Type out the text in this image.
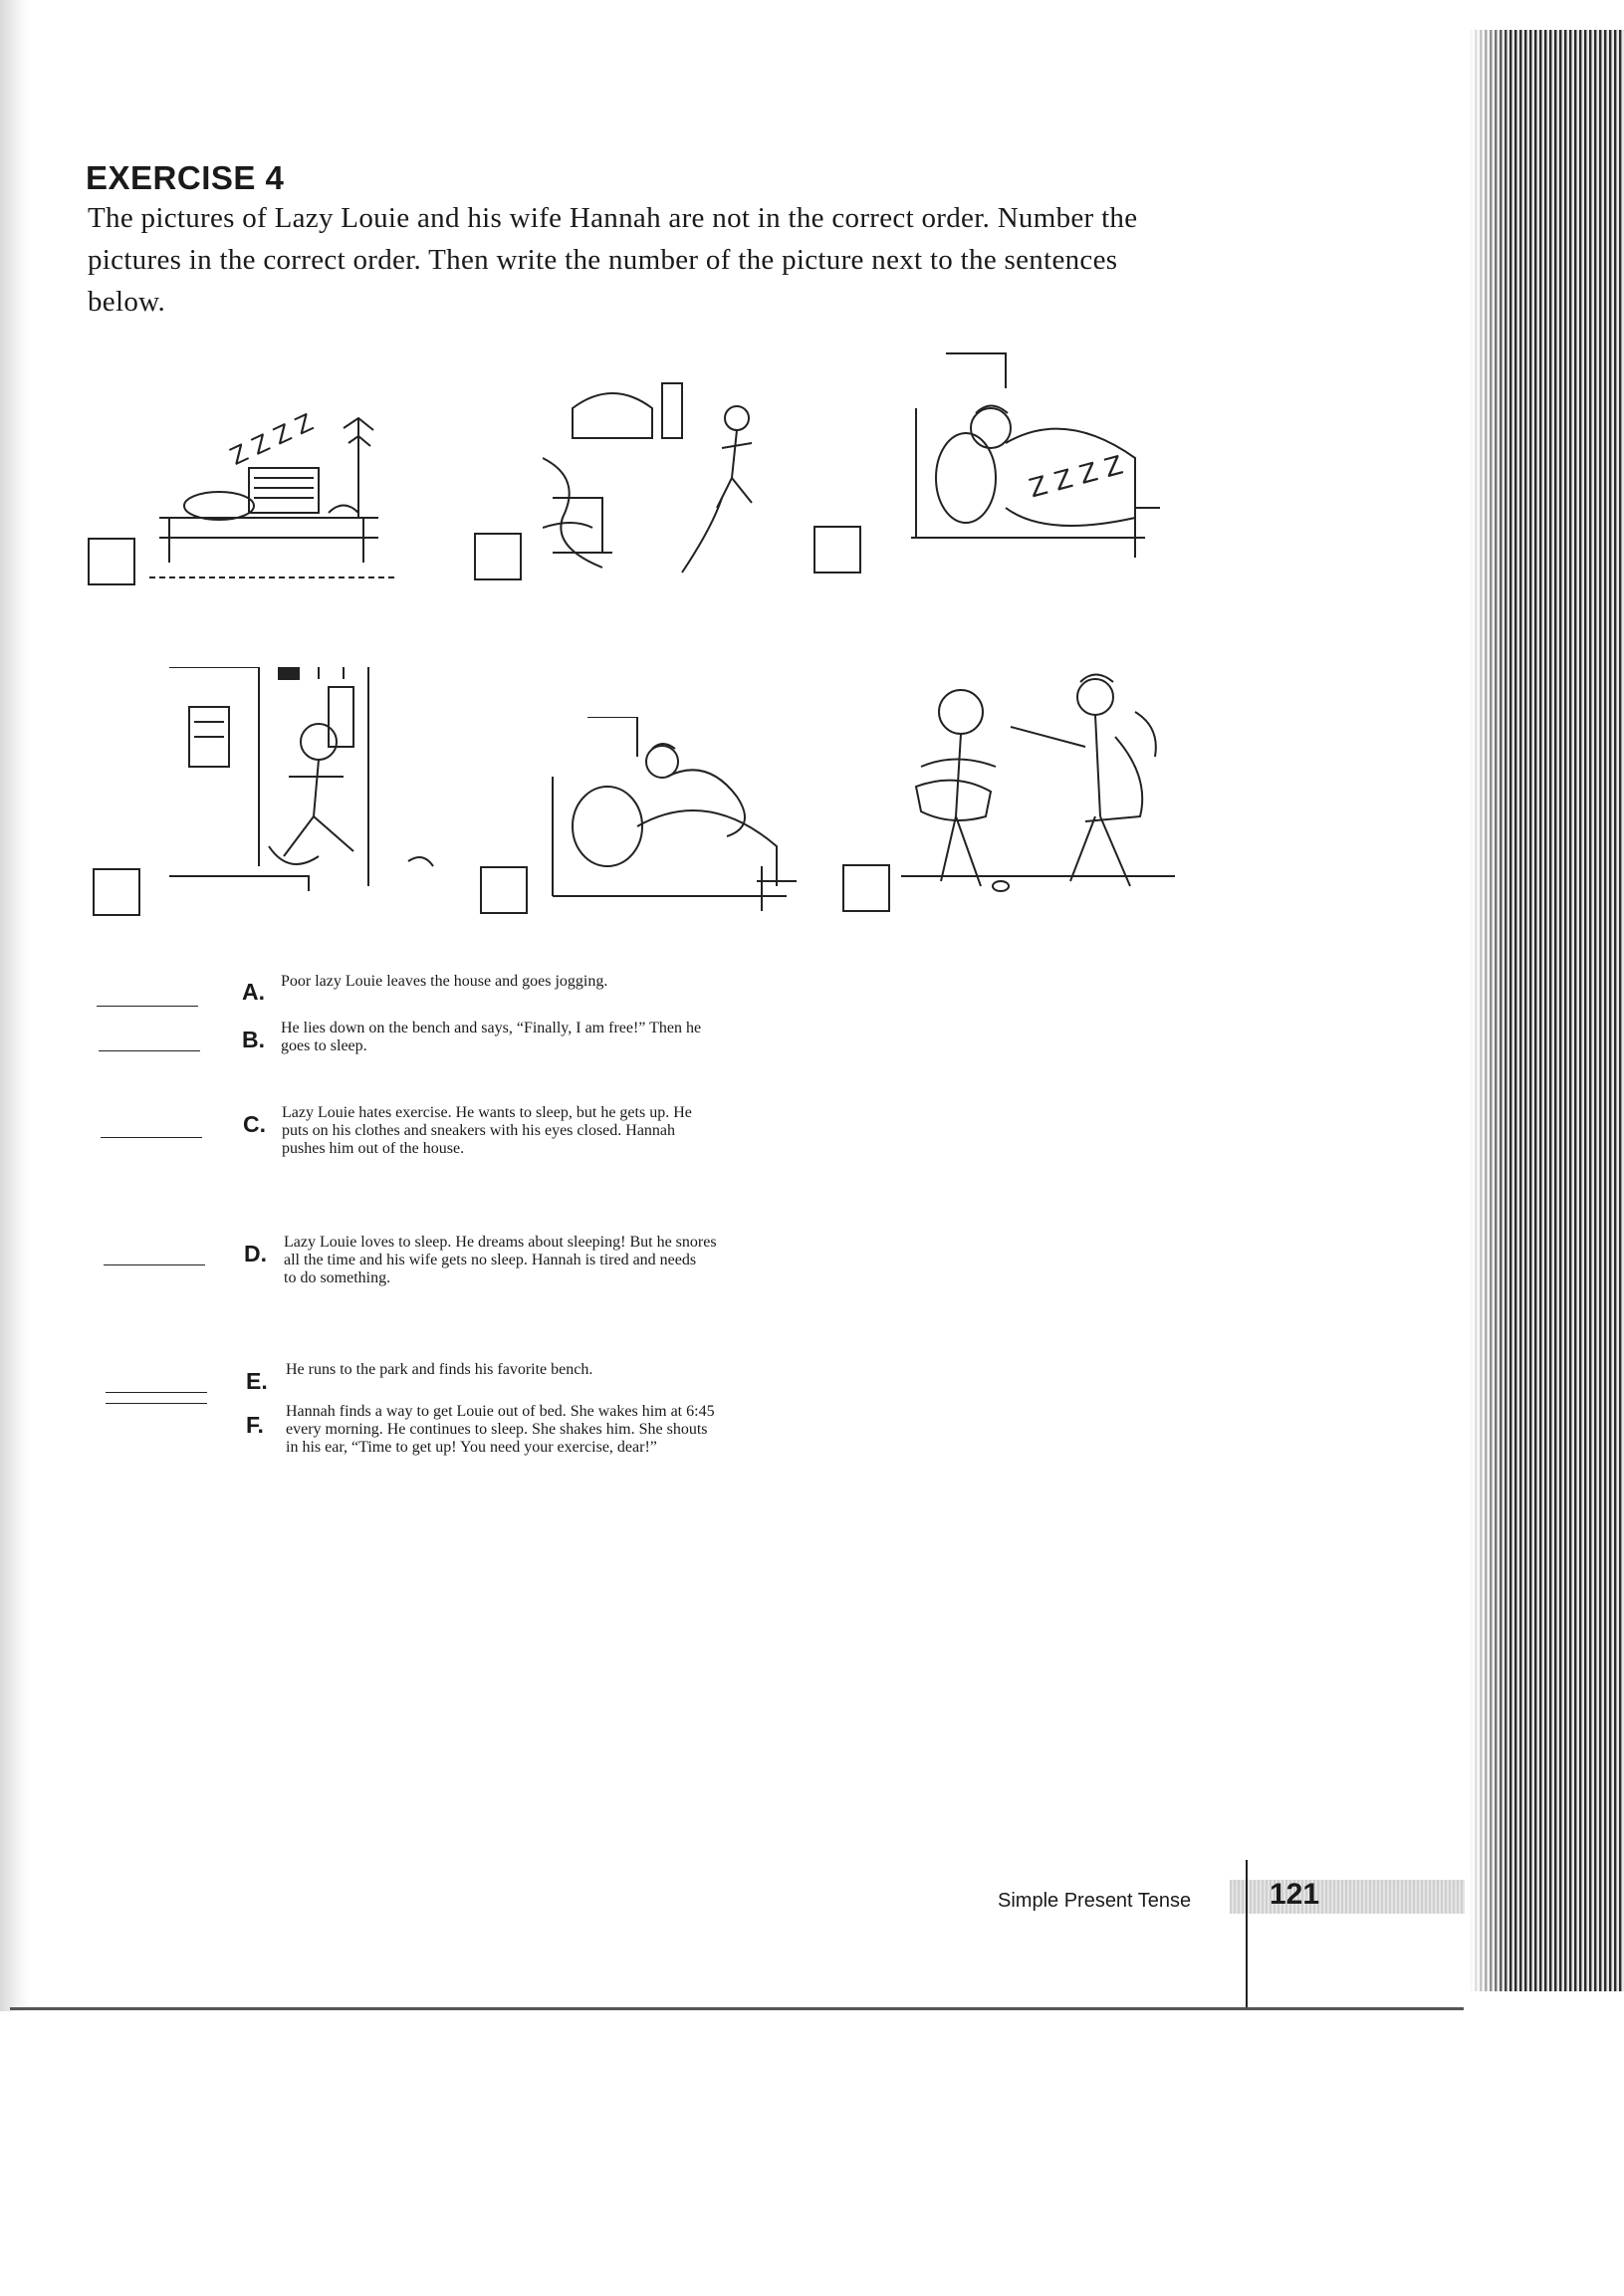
EXERCISE 4

The pictures of Lazy Louie and his wife Hannah are not in the correct order. Number the pictures in the correct order. Then write the number of the picture next to the sentences below.

Z Z Z Z
Z Z Z Z
A. Poor lazy Louie leaves the house and goes jogging.
B. He lies down on the bench and says, “Finally, I am free!” Then he
goes to sleep.
C. Lazy Louie hates exercise. He wants to sleep, but he gets up. He
puts on his clothes and sneakers with his eyes closed. Hannah
pushes him out of the house.
D. Lazy Louie loves to sleep. He dreams about sleeping! But he snores
all the time and his wife gets no sleep. Hannah is tired and needs
to do something.
E. He runs to the park and finds his favorite bench.
F.
Hannah finds a way to get Louie out of bed. She wakes him at 6:45
every morning. He continues to sleep. She shakes him. She shouts
in his ear, “Time to get up! You need your exercise, dear!”
Simple Present Tense	121
